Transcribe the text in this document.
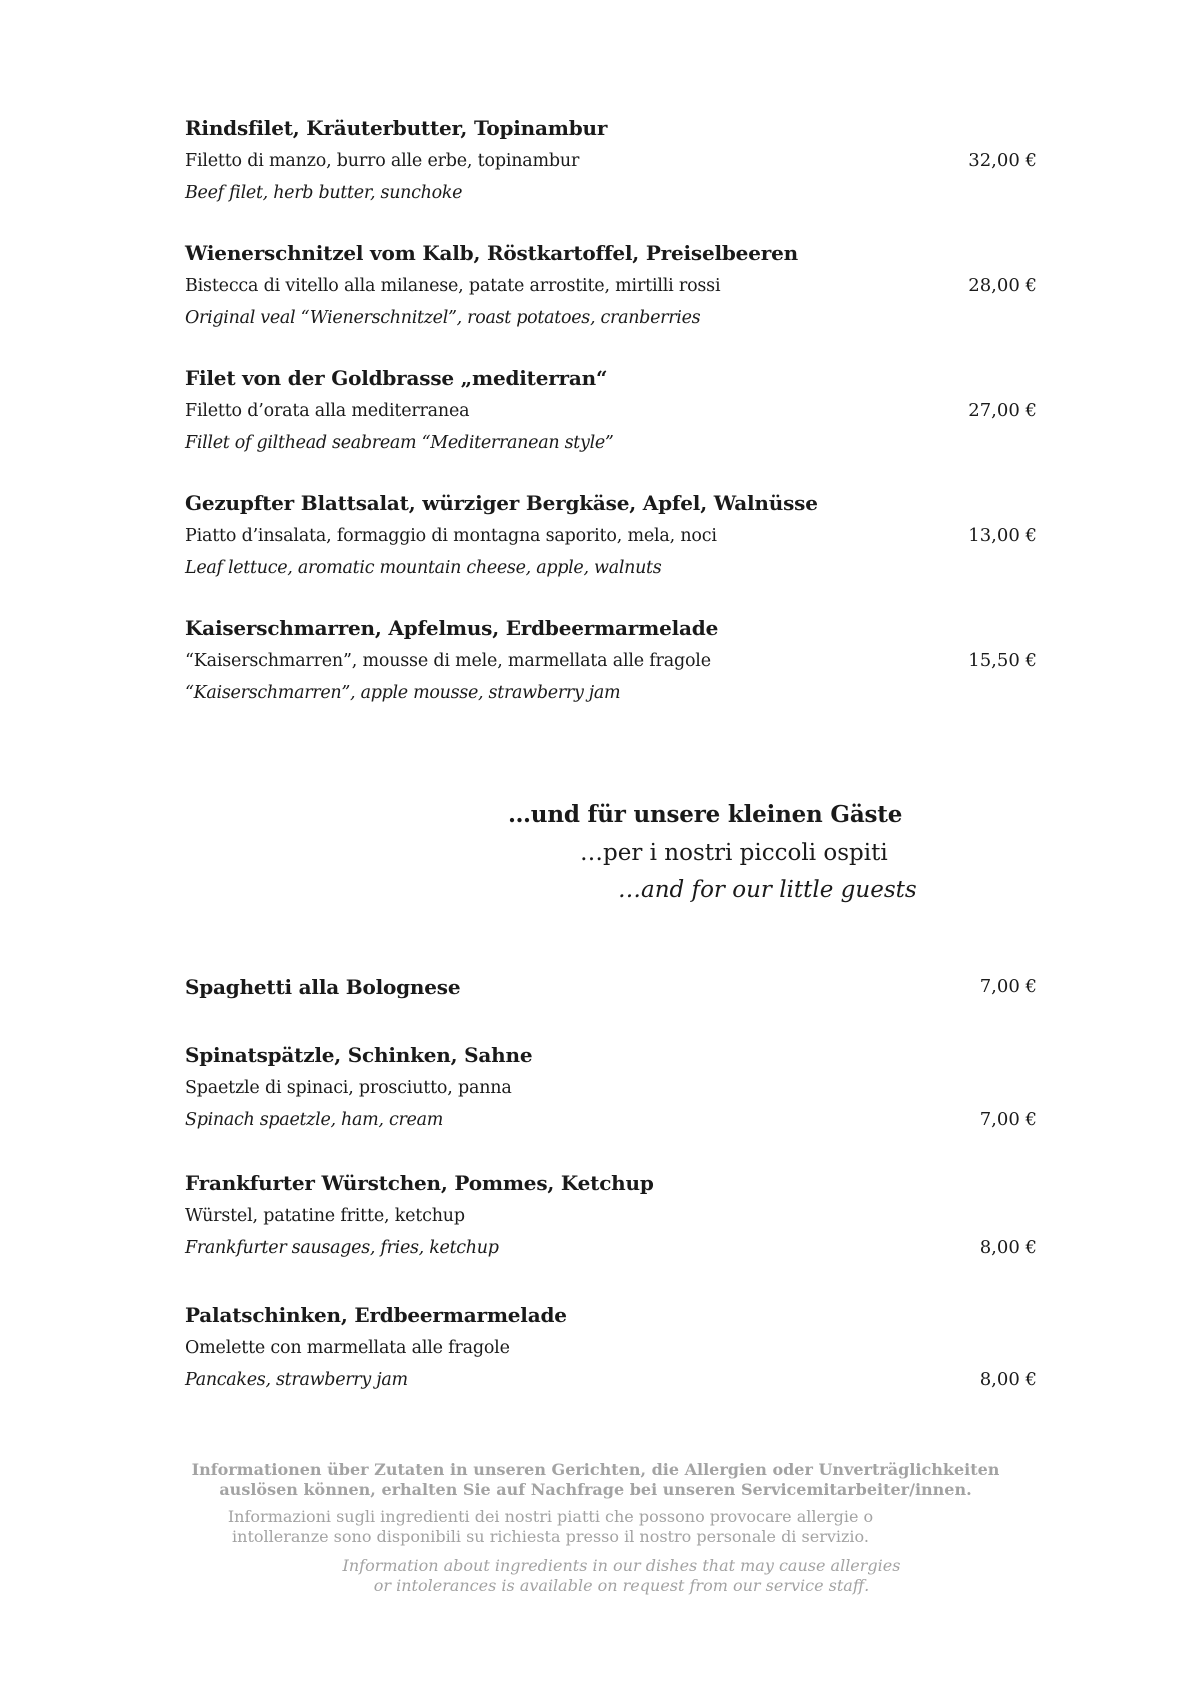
Rindsfilet, Kräuterbutter, Topinambur
Filetto di manzo, burro alle erbe, topinambur
Beef filet, herb butter, sunchoke
32,00 €
Wienerschnitzel vom Kalb, Röstkartoffel, Preiselbeeren
Bistecca di vitello alla milanese, patate arrostite, mirtilli rossi
Original veal “Wienerschnitzel”, roast potatoes, cranberries
28,00 €
Filet von der Goldbrasse „mediterran“
Filetto d’orata alla mediterranea
Fillet of gilthead seabream “Mediterranean style”
27,00 €
Gezupfter Blattsalat, würziger Bergkäse, Apfel, Walnüsse
Piatto d’insalata, formaggio di montagna saporito, mela, noci
Leaf lettuce, aromatic mountain cheese, apple, walnuts
13,00 €
Kaiserschmarren, Apfelmus, Erdbeermarmelade
“Kaiserschmarren”, mousse di mele, marmellata alle fragole
“Kaiserschmarren”, apple mousse, strawberry jam
15,50 €
…und für unsere kleinen Gäste
…per i nostri piccoli ospiti
…and for our little guests
Spaghetti alla Bolognese	7,00 €
Spinatspätzle, Schinken, Sahne
Spaetzle di spinaci, prosciutto, panna
Spinach spaetzle, ham, cream	7,00 €
Frankfurter Würstchen, Pommes, Ketchup
Würstel, patatine fritte, ketchup
Frankfurter sausages, fries, ketchup	8,00 €
Palatschinken, Erdbeermarmelade
Omelette con marmellata alle fragole
Pancakes, strawberry jam	8,00 €
Informationen über Zutaten in unseren Gerichten, die Allergien oder Unverträglichkeiten
auslösen können, erhalten Sie auf Nachfrage bei unseren Servicemitarbeiter/innen.
Informazioni sugli ingredienti dei nostri piatti che possono provocare allergie o
intolleranze sono disponibili su richiesta presso il nostro personale di servizio.
Information about ingredients in our dishes that may cause allergies
or intolerances is available on request from our service staff.
